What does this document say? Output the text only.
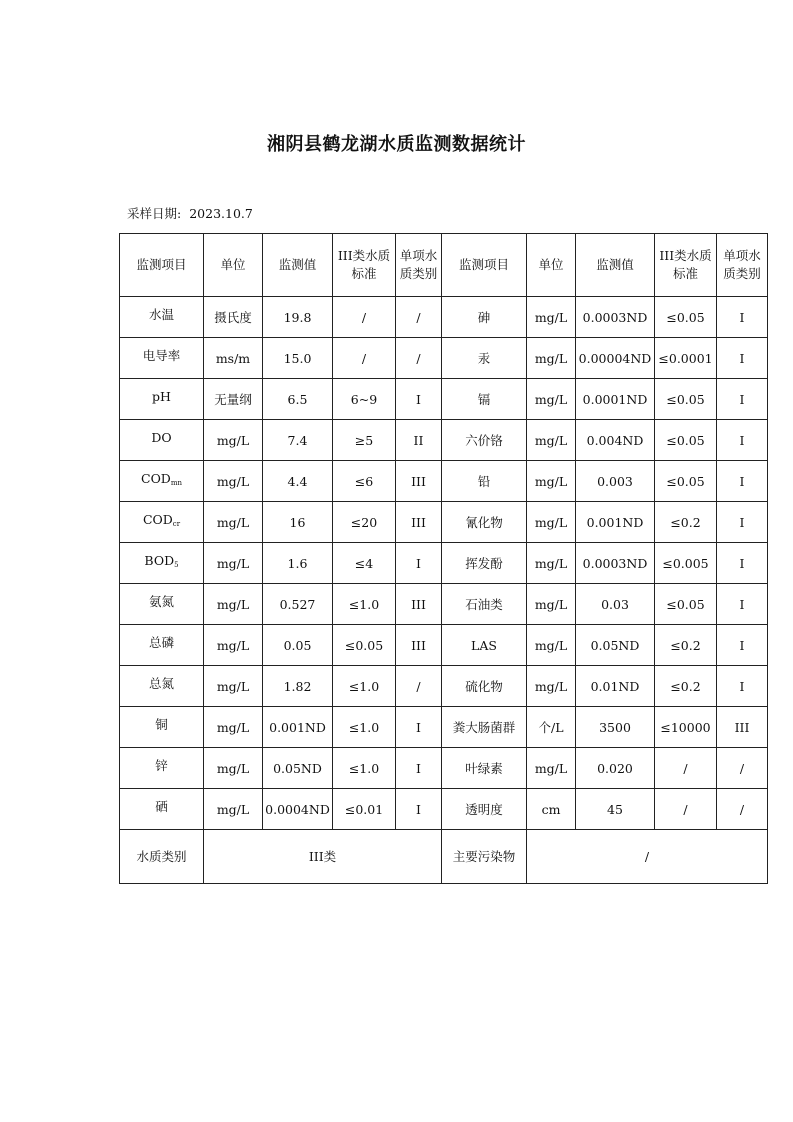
湘阴县鹤龙湖水质监测数据统计
采样日期: 2023.10.7
监测项目	单位	监测值	III类水质标准	单项水质类别	监测项目	单位	监测值	III类水质标准	单项水质类别
水温	摄氏度	19.8	/	/	砷	mg/L	0.0003ND	≤0.05	I
电导率	ms/m	15.0	/	/	汞	mg/L	0.00004ND	≤0.0001	I
pH	无量纲	6.5	6~9	I	镉	mg/L	0.0001ND	≤0.05	I
DO	mg/L	7.4	≥5	II	六价铬	mg/L	0.004ND	≤0.05	I
$COD_{mn}$	mg/L	4.4	≤6	III	铅	mg/L	0.003	≤0.05	I
$COD_{cr}$	mg/L	16	≤20	III	氰化物	mg/L	0.001ND	≤0.2	I
$BOD_5$	mg/L	1.6	≤4	I	挥发酚	mg/L	0.0003ND	≤0.005	I
氨氮	mg/L	0.527	≤1.0	III	石油类	mg/L	0.03	≤0.05	I
总磷	mg/L	0.05	≤0.05	III	LAS	mg/L	0.05ND	≤0.2	I
总氮	mg/L	1.82	≤1.0	/	硫化物	mg/L	0.01ND	≤0.2	I
铜	mg/L	0.001ND	≤1.0	I	粪大肠菌群	个/L	3500	≤10000	III
锌	mg/L	0.05ND	≤1.0	I	叶绿素	mg/L	0.020	/	/
硒	mg/L	0.0004ND	≤0.01	I	透明度	cm	45	/	/
水质类别	III类				主要污染物	/			
